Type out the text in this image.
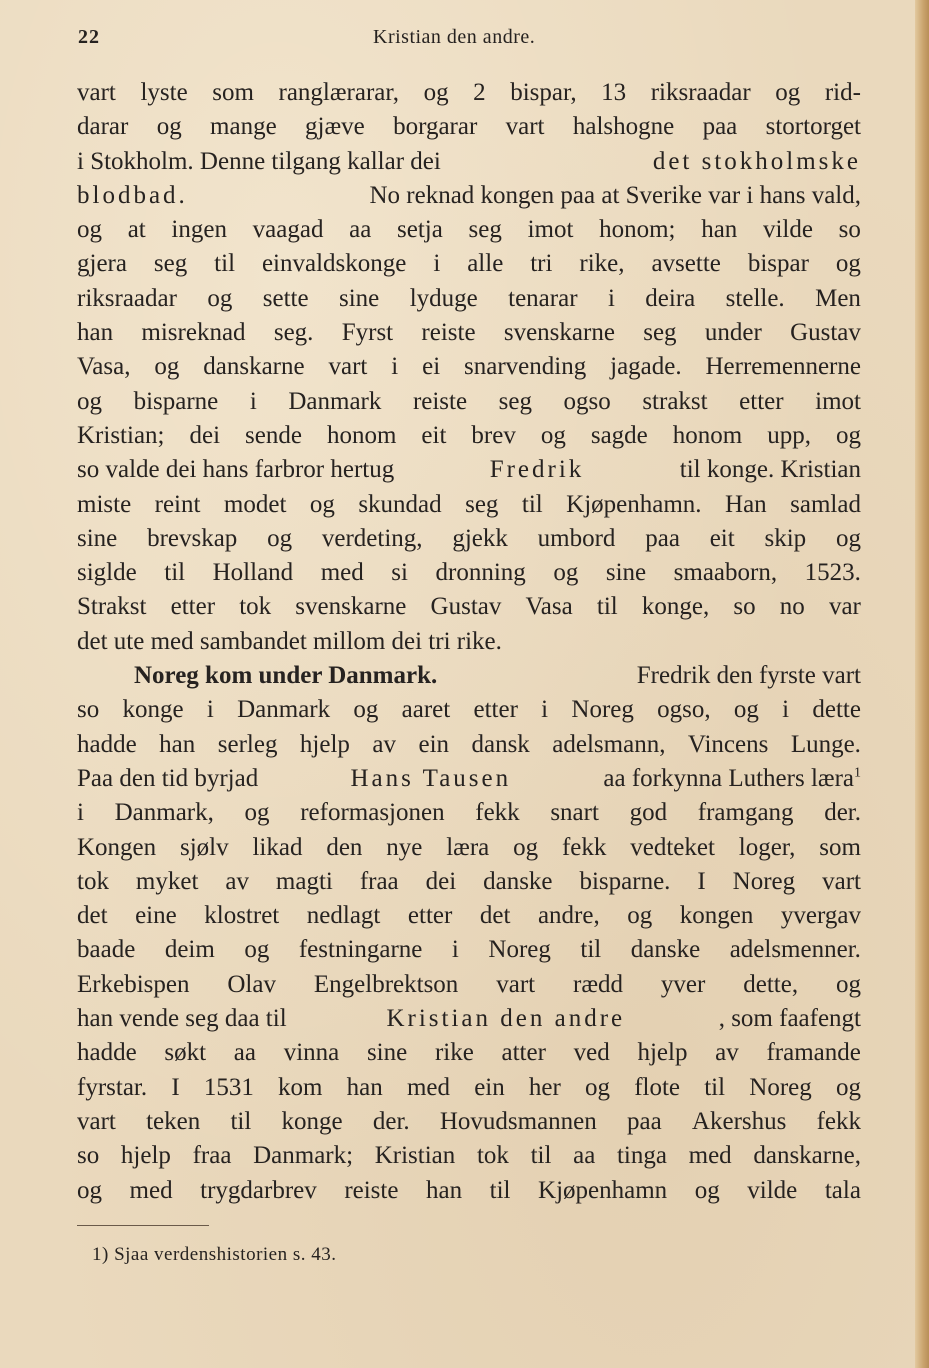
22	Kristian den andre.
vart lyste som ranglærarar, og 2 bispar, 13 riksraadar og rid-
darar og mange gjæve borgarar vart halshogne paa stortorget
i Stokholm. Denne tilgang kallar dei	det stokholmske
blodbad.	No reknad kongen paa at Sverike var i hans vald,
og at ingen vaagad aa setja seg imot honom; han vilde so
gjera seg til einvaldskonge i alle tri rike, avsette bispar og
riksraadar og sette sine lyduge tenarar i deira stelle. Men
han misreknad seg. Fyrst reiste svenskarne seg under Gustav
Vasa, og danskarne vart i ei snarvending jagade. Herremennerne
og bisparne i Danmark reiste seg ogso strakst etter imot
Kristian; dei sende honom eit brev og sagde honom upp, og
so valde dei hans farbror hertug	Fredrik	til konge. Kristian
miste reint modet og skundad seg til Kjøpenhamn. Han samlad
sine brevskap og verdeting, gjekk umbord paa eit skip og
siglde til Holland med si dronning og sine smaaborn, 1523.
Strakst etter tok svenskarne Gustav Vasa til konge, so no var
det ute med sambandet millom dei tri rike.
Noreg kom under Danmark.	Fredrik den fyrste vart
so konge i Danmark og aaret etter i Noreg ogso, og i dette
hadde han serleg hjelp av ein dansk adelsmann, Vincens Lunge.
Paa den tid byrjad	Hans Tausen	aa forkynna Luthers læra$^1$
i Danmark, og reformasjonen fekk snart god framgang der.
Kongen sjølv likad den nye læra og fekk vedteket loger, som
tok myket av magti fraa dei danske bisparne. I Noreg vart
det eine klostret nedlagt etter det andre, og kongen yvergav
baade deim og festningarne i Noreg til danske adelsmenner.
Erkebispen Olav Engelbrektson vart rædd yver dette, og
han vende seg daa til	Kristian den andre	, som faafengt
hadde søkt aa vinna sine rike atter ved hjelp av framande
fyrstar. I 1531 kom han med ein her og flote til Noreg og
vart teken til konge der. Hovudsmannen paa Akershus fekk
so hjelp fraa Danmark; Kristian tok til aa tinga med danskarne,
og med trygdarbrev reiste han til Kjøpenhamn og vilde tala
1) Sjaa verdenshistorien s. 43.
